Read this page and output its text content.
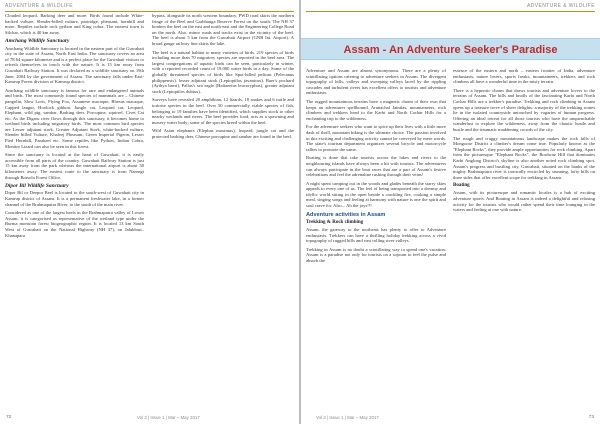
ADVENTURE & WILDLIFE

Clouded leopard, Barking deer and more. Birds found include White-backed vulture, Slender-billed vulture, partridge, pheasant, hornbill and more. Reptiles include rock python and King cobra. The nearest town is Silchar, which is 40 km away.

Amchang Wildlife Sanctuary

Amchang Wildlife Sanctuary is located in the eastern part of the Guwahati city in the state of Assam, North East India. The sanctuary covers an area of 78.64 square kilometre and is a perfect place for the Guwahati visitors to refresh themselves in touch with the nature. It is 15 km away from Guwahati Railway Station. It was declared as a wildlife sanctuary on 19th June, 2004 by the government of Assam. The sanctuary falls under East-Kamrup Forest division of Kamrup district.

Amchang wildlife sanctuary is famous for rare and endangered animals and birds. The most commonly found species of mammals are – Chinese pangolin, Slow Loris, Flying Fox, Assamese macaque, Rhesus macaque, Capped langur, Hoolock gibbon, Jungle cat, Leopard cat, Leopard, Elephant, wild pig, sambar, Barking deer, Porcupine, squirrel, Civet Cat etc. As the Digaru river flows through this sanctuary, it becomes home to wetland birds including migratory birds. The most common bird species are Lesser adjutant stork, Greater Adjutant Stork, white-backed vulture, Slender billed Vulture, Khaleej Pheasant, Green Imperial Pigeon, Lesser Pied Hornbill, Parakeet etc. Some reptiles like Python, Indian Cobra, Monitor Lizard can also be seen in this forest.

Since the sanctuary is located at the heart of Guwahati, it is easily accessible from all parts of the country. Guwahati Railway Station is just 15 km away from the park whereas the international airport is about 30 kilometers away. The easiest route to the sanctuary is from Narengi through Borsola Forest Office.

Dipor Bil Wildlife Sanctuary

Dipor Bil or Deepor Beel is located to the south-west of Guwahati city in Kamrup district of Assam. It is a permanent freshwater lake, in a former channel of the Brahmaputra River, to the south of the main river.

Considered as one of the largest beels in the Brahmaputra valley of Lower Assam, it is categorised as representative of the wetland type under the Burma monsoon forest biogeographic region. It is located 13 km South West of Guwahati on the National Highway (NH 37), on Jalukbari–Khanapara

bypass, alongside its north western boundary. PWD road skirts the northern fringe of the Beel and Garbhanga Reserve Forest on the south. The NH 37 borders the beel on the east and north-east and the Engineering College Road on the north. Also, minor roads and tracks exist in the vicinity of the beel. The beel is about 5 km from the Guwahati Airport (GNB Int. Airport). A broad gauge railway line skirts the lake.

The beel is a natural habitat to many varieties of birds. 219 species of birds including more than 70 migratory species are reported in the beel area. The largest congregations of aquatic birds can be seen, particularly in winter, with a reported recorded count of 19,000 water birds in a day. Some of the globally threatened species of birds like Spot-billed pelican (Pelecanus philippensis), lesser adjutant stork (Leptoptilos javanicus), Baer's pochard (Aythya baeri), Pallas's sea eagle (Haliaeetus leucoryphus), greater adjutant stork (Leptoptilos dubius).

Surveys have revealed 20 amphibian, 12 lizards, 18 snakes and 6 turtle and tortoise species in the beel. Over 50 commercially viable species of fish, belonging to 19 families have been identified, which supplies stock to other nearby wetlands and rivers. The beel provides food, acts as a spawning and nursery water body; some of the species breed within the beel.

Wild Asian elephants (Elephas maximus), leopard, jungle cat and the protected barking deer, Chinese porcupine and sambar are found in the beel.

Vol 2 | Issue 1 | Mar – May 2017
72
ADVENTURE & WILDLIFE
Assam - An Adventure Seeker's Paradise

Adventure and Assam are almost synonymous. There are a plenty of scintillating options catering to adventure seekers in Assam. The divergent topography of hills, valleys and sweeping valleys laced by the rippling cascades and turbulent rivers has excellent offers to tourists and adventure enthusiasts.

The rugged mountainous terrains have a magnetic charm of their own that keeps an adventurer spellbound. Arunachal Jaintias, mountaineers, rock climbers and trekkers head to the Karbi and North Cachar Hills for a enchanting trip to the wilderness.

For the adventure seekers who want to spice up their lives with a little more dash of thrill, mountain biking is the ultimate choice. The passion involved in this exciting and challenging activity cannot be conveyed by mere words. The state's tourism department organizes several bicycle and motorcycle rallies to promote the same.

Boating is done that take tourists across the lakes and rivers to the neighbouring islands have always been a hit with tourists. The adventurers can always participate in the boat races that are a part of Assam's festive celebrations and feel the adrenaline rushing through their veins!

A night spent camping out in the woods and glades beneath the starry skies appeals to every one of us. The feel of being transported into a dreamy and idyllic world sitting in the open beside a crackling fire, cooking a simple meal, singing songs and feeling at harmony with nature is one the spirit and soul crave for. Also... Ah the joys!!!

Adventure activities in Assam
Trekking & Rock climbing

Assam, the gateway to the northeast has plenty to offer to Adventure enthusiasts. Trekkers can have a thrilling holiday trekking across a vivid topography of rugged hills and vast rolling river valleys.

Trekking in Assam is no doubt a scintillating way to spend one's vacation. Assam is a paradise not only for tourists on a sojourn to feel the pulse and absorb the

essence of the eastern and north – eastern frontier of India, adventure enthusiasts, nature lovers, sports freaks, mountaineers, trekkers and rock climbers all have a wonderful time in the misty terrain.

There is a hypnotic charm that draws tourists and adventure lovers to the terrains of Assam. The hills and knolls of the fascinating Karbi and North Cachar Hills are a trekker's paradise. Trekking and rock climbing in Assam opens up a treasure trove of sheer delights: a majority of the trekking routes lie in the isolated countryside untouched by vagaries of human progress. Offering an ideal retreat for all those tourists who have the unquenchable wanderlust to explore the wilderness, away from the chaotic hustle and bustle and the traumatic maddening crowds of the city.

The rough and craggy mountainous landscape makes the rock hills of Mongoose District a climber's dream come true. Popularly known as the "Elephant Rocks", they provide ample opportunities for rock climbing. Apart from the picturesque "Elephant Rocks", the Bordwaz Hill that dominates Karbi Anglong District's skyline is also another noted rock climbing spot. Assam's progress and bustling city, Guwahati, situated on the banks of the mighty Brahmaputra river is ironically encircled by stunning, lofty hills on three sides that offer excellent scope for trekking in Assam.

Boating

Assam, with its picturesque and romantic locales is a hub of exciting adventure sports. And Boating in Assam is indeed a delightful and relaxing activity for the tourists who would rather spend their time lounging in the waters and feeling at one with nature.

Vol 2 | Issue 1 | Mar – May 2017	73
